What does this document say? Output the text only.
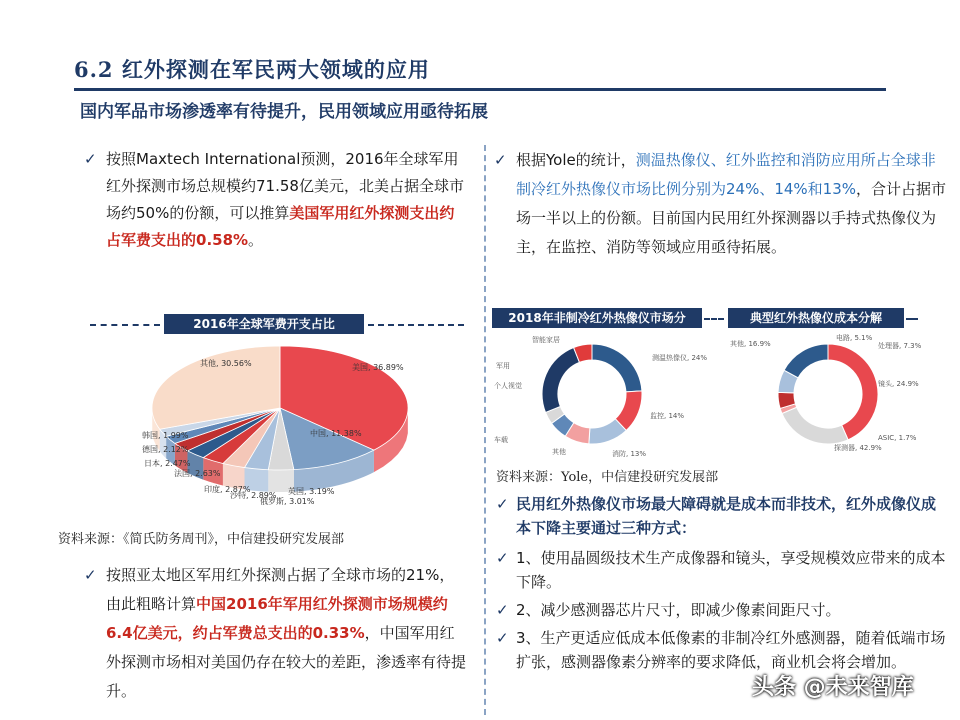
6.2 红外探测在军民两大领域的应用
国内军品市场渗透率有待提升，民用领域应用亟待拓展
✓ 按照Maxtech International预测，2016年全球军用红外探测市场总规模约71.58亿美元，北美占据全球市场约50%的份额，可以推算美国军用红外探测支出约占军费支出的0.58%。
2016年全球军费开支占比
美国, 36.89%
中国, 11.38%
英国, 3.19%
俄罗斯, 3.01%
沙特, 2.89%
印度, 2.87%
法国, 2.63%
日本, 2.47%
德国, 2.12%
韩国, 1.99%
其他, 30.56%
资料来源：《简氏防务周刊》，中信建投研究发展部
✓ 按照亚太地区军用红外探测占据了全球市场的21%，由此粗略计算中国2016年军用红外探测市场规模约6.4亿美元，约占军费总支出的0.33%，中国军用红外探测市场相对美国仍存在较大的差距，渗透率有待提升。
✓ 根据Yole的统计，测温热像仪、红外监控和消防应用所占全球非制冷红外热像仪市场比例分别为24%、14%和13%，合计占据市场一半以上的份额。目前国内民用红外探测器以手持式热像仪为主，在监控、消防等领域应用亟待拓展。
2018年非制冷红外热像仪市场分	典型红外热像仪成本分解
测温热像仪, 24%
监控, 14%
消防, 13%
车载
个人视觉
智能家居
军用
其他	探测器, 42.9%
镜头, 24.9%
ASIC, 1.7%
电路, 5.1%
处理器, 7.3%
其他, 16.9%
资料来源：Yole，中信建投研究发展部
✓ 民用红外热像仪市场最大障碍就是成本而非技术，红外成像仪成本下降主要通过三种方式：
✓ 1、使用晶圆级技术生产成像器和镜头，享受规模效应带来的成本下降。
✓ 2、减少感测器芯片尺寸，即减少像素间距尺寸。
✓ 3、生产更适应低成本低像素的非制冷红外感测器，随着低端市场扩张，感测器像素分辨率的要求降低，商业机会将会增加。
头条 @未来智库
